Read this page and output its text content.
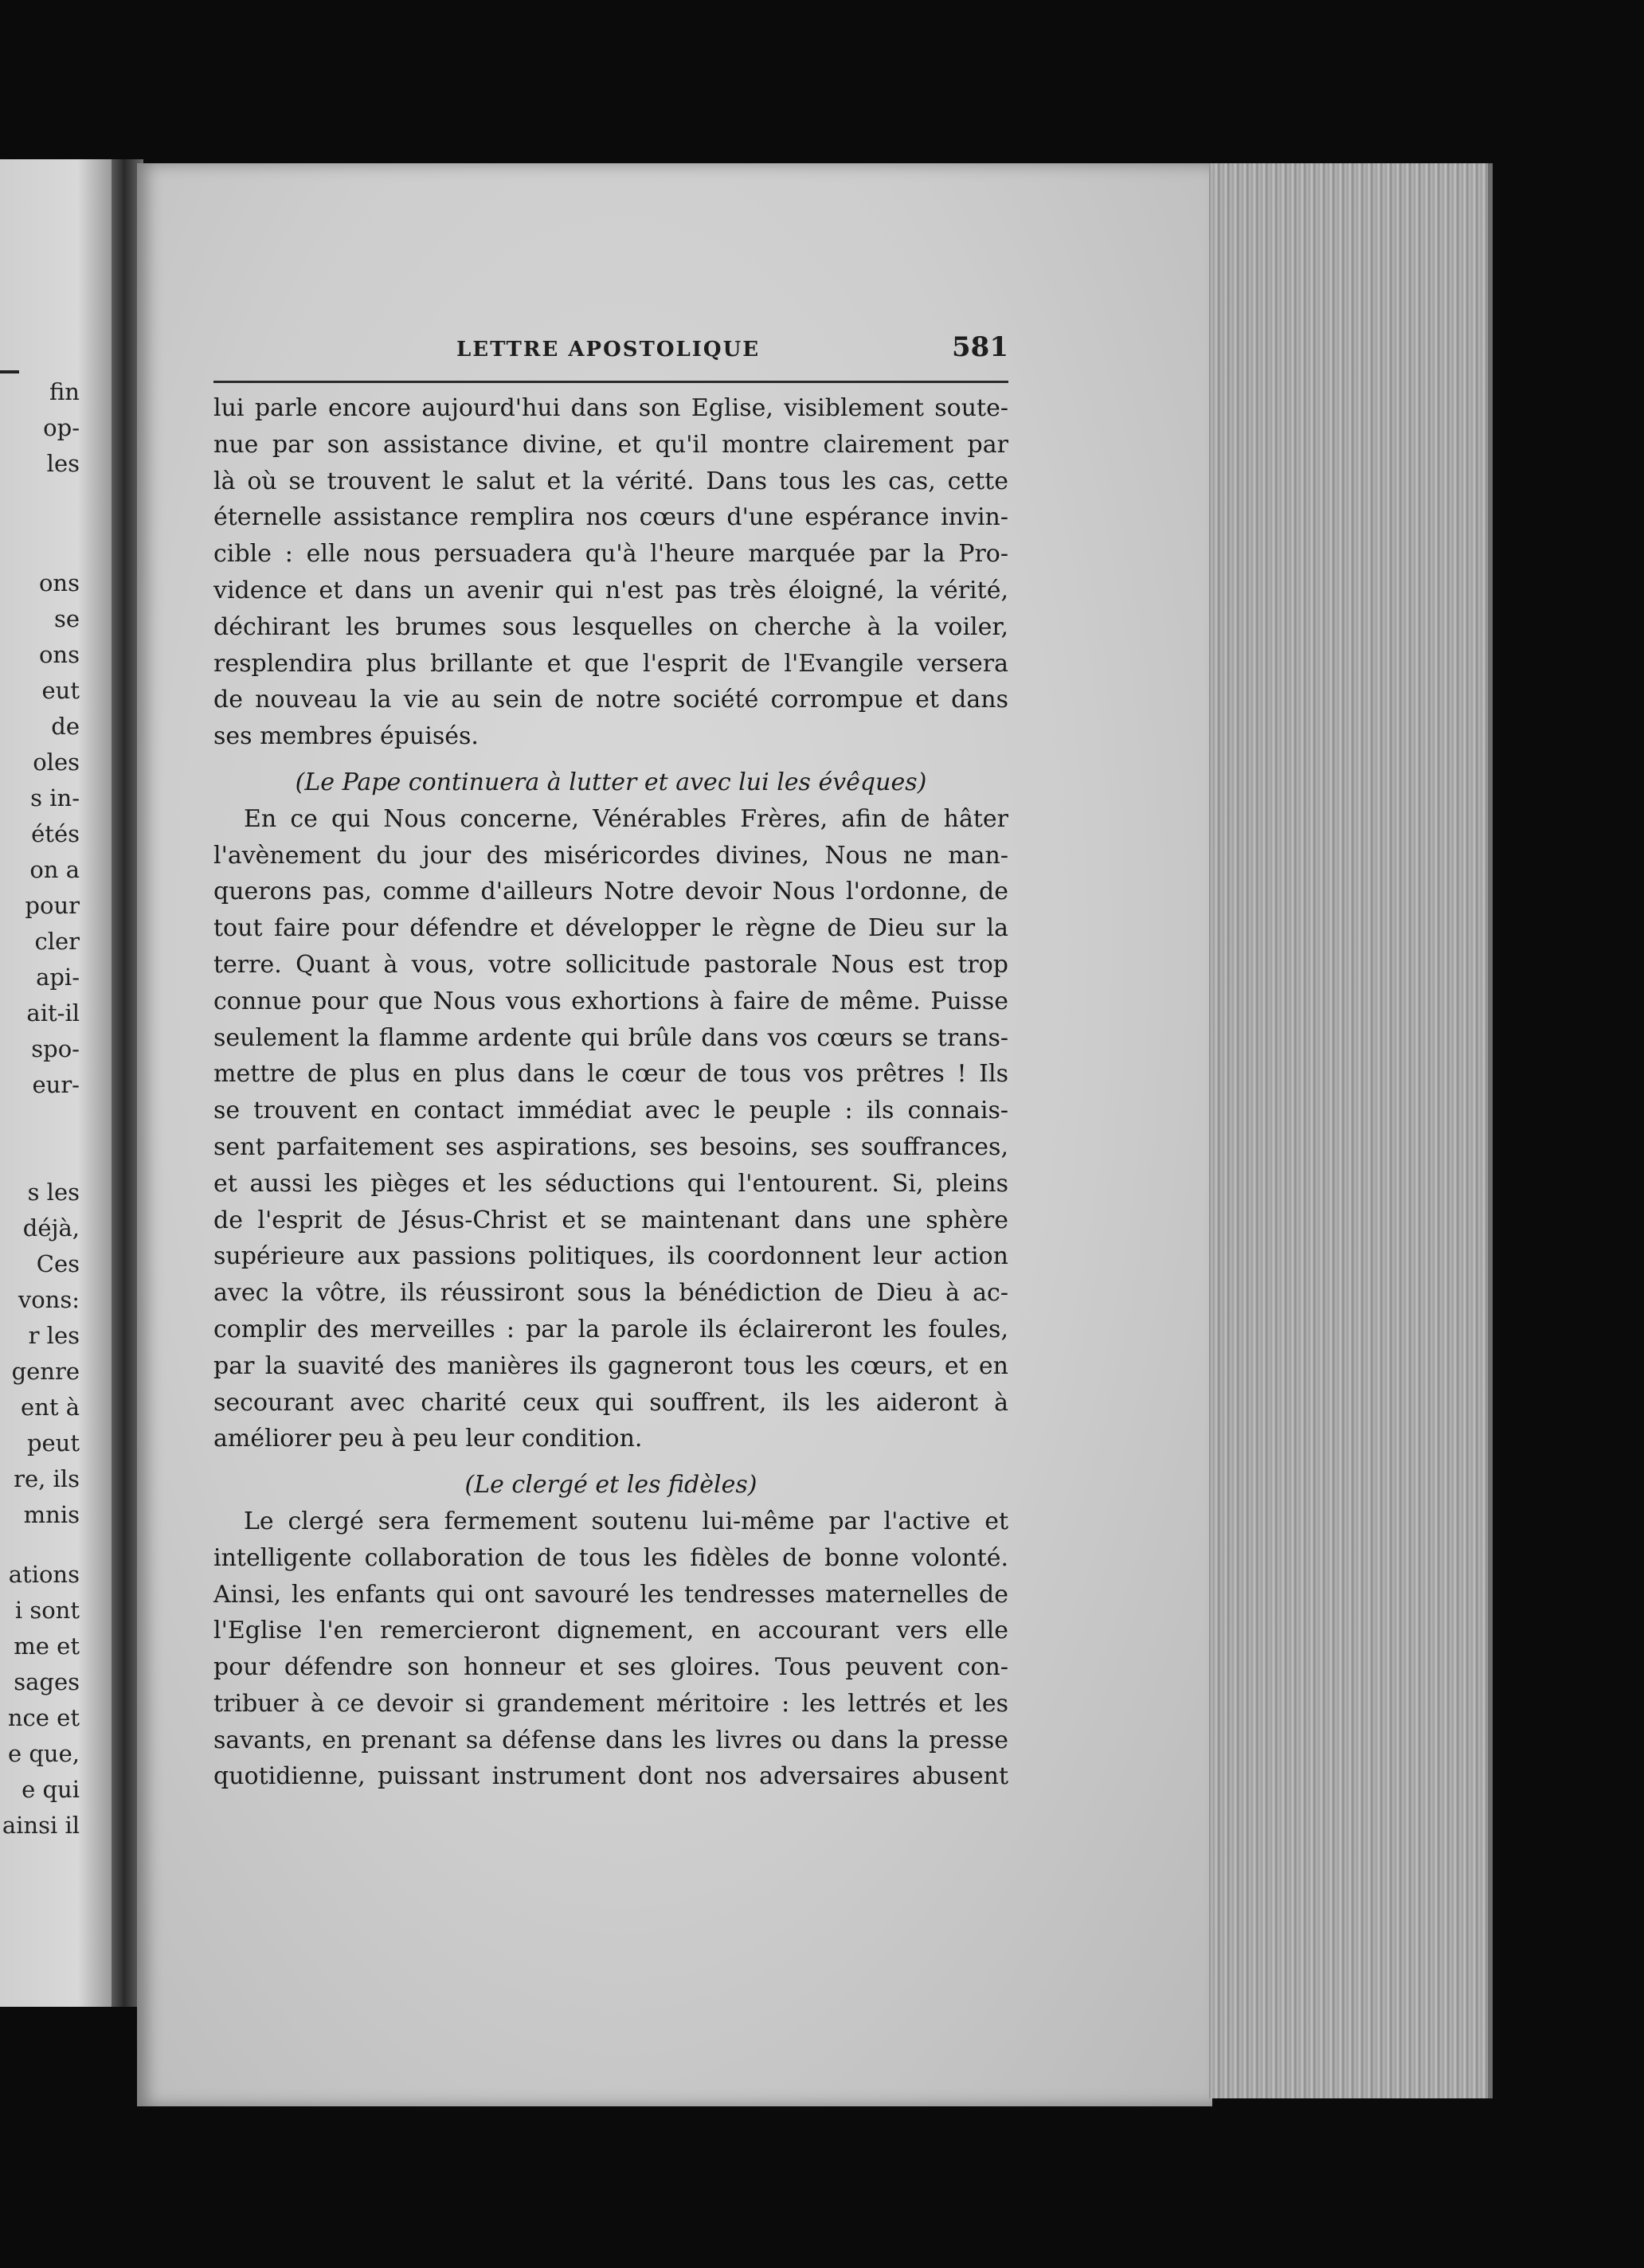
fin
op-
les
ons
se
ons
eut
de
oles
s in-
étés
on a
pour
cler
api-
ait-il
spo-
eur-
s les
déjà,
Ces
vons:
r les
genre
ent à
peut
re, ils
mnis
ations
i sont
me et
sages
nce et
e que,
e qui
ainsi il
LETTRE APOSTOLIQUE	581
lui parle encore aujourd'hui dans son Eglise, visiblement soute-
nue par son assistance divine, et qu'il montre clairement par
là où se trouvent le salut et la vérité. Dans tous les cas, cette
éternelle assistance remplira nos cœurs d'une espérance invin-
cible : elle nous persuadera qu'à l'heure marquée par la Pro-
vidence et dans un avenir qui n'est pas très éloigné, la vérité,
déchirant les brumes sous lesquelles on cherche à la voiler,
resplendira plus brillante et que l'esprit de l'Evangile versera
de nouveau la vie au sein de notre société corrompue et dans
ses membres épuisés.
(Le Pape continuera à lutter et avec lui les évêques)
En ce qui Nous concerne, Vénérables Frères, afin de hâter
l'avènement du jour des miséricordes divines, Nous ne man-
querons pas, comme d'ailleurs Notre devoir Nous l'ordonne, de
tout faire pour défendre et développer le règne de Dieu sur la
terre. Quant à vous, votre sollicitude pastorale Nous est trop
connue pour que Nous vous exhortions à faire de même. Puisse
seulement la flamme ardente qui brûle dans vos cœurs se trans-
mettre de plus en plus dans le cœur de tous vos prêtres ! Ils
se trouvent en contact immédiat avec le peuple : ils connais-
sent parfaitement ses aspirations, ses besoins, ses souffrances,
et aussi les pièges et les séductions qui l'entourent. Si, pleins
de l'esprit de Jésus-Christ et se maintenant dans une sphère
supérieure aux passions politiques, ils coordonnent leur action
avec la vôtre, ils réussiront sous la bénédiction de Dieu à ac-
complir des merveilles : par la parole ils éclaireront les foules,
par la suavité des manières ils gagneront tous les cœurs, et en
secourant avec charité ceux qui souffrent, ils les aideront à
améliorer peu à peu leur condition.
(Le clergé et les fidèles)
Le clergé sera fermement soutenu lui-même par l'active et
intelligente collaboration de tous les fidèles de bonne volonté.
Ainsi, les enfants qui ont savouré les tendresses maternelles de
l'Eglise l'en remercieront dignement, en accourant vers elle
pour défendre son honneur et ses gloires. Tous peuvent con-
tribuer à ce devoir si grandement méritoire : les lettrés et les
savants, en prenant sa défense dans les livres ou dans la presse
quotidienne, puissant instrument dont nos adversaires abusent
